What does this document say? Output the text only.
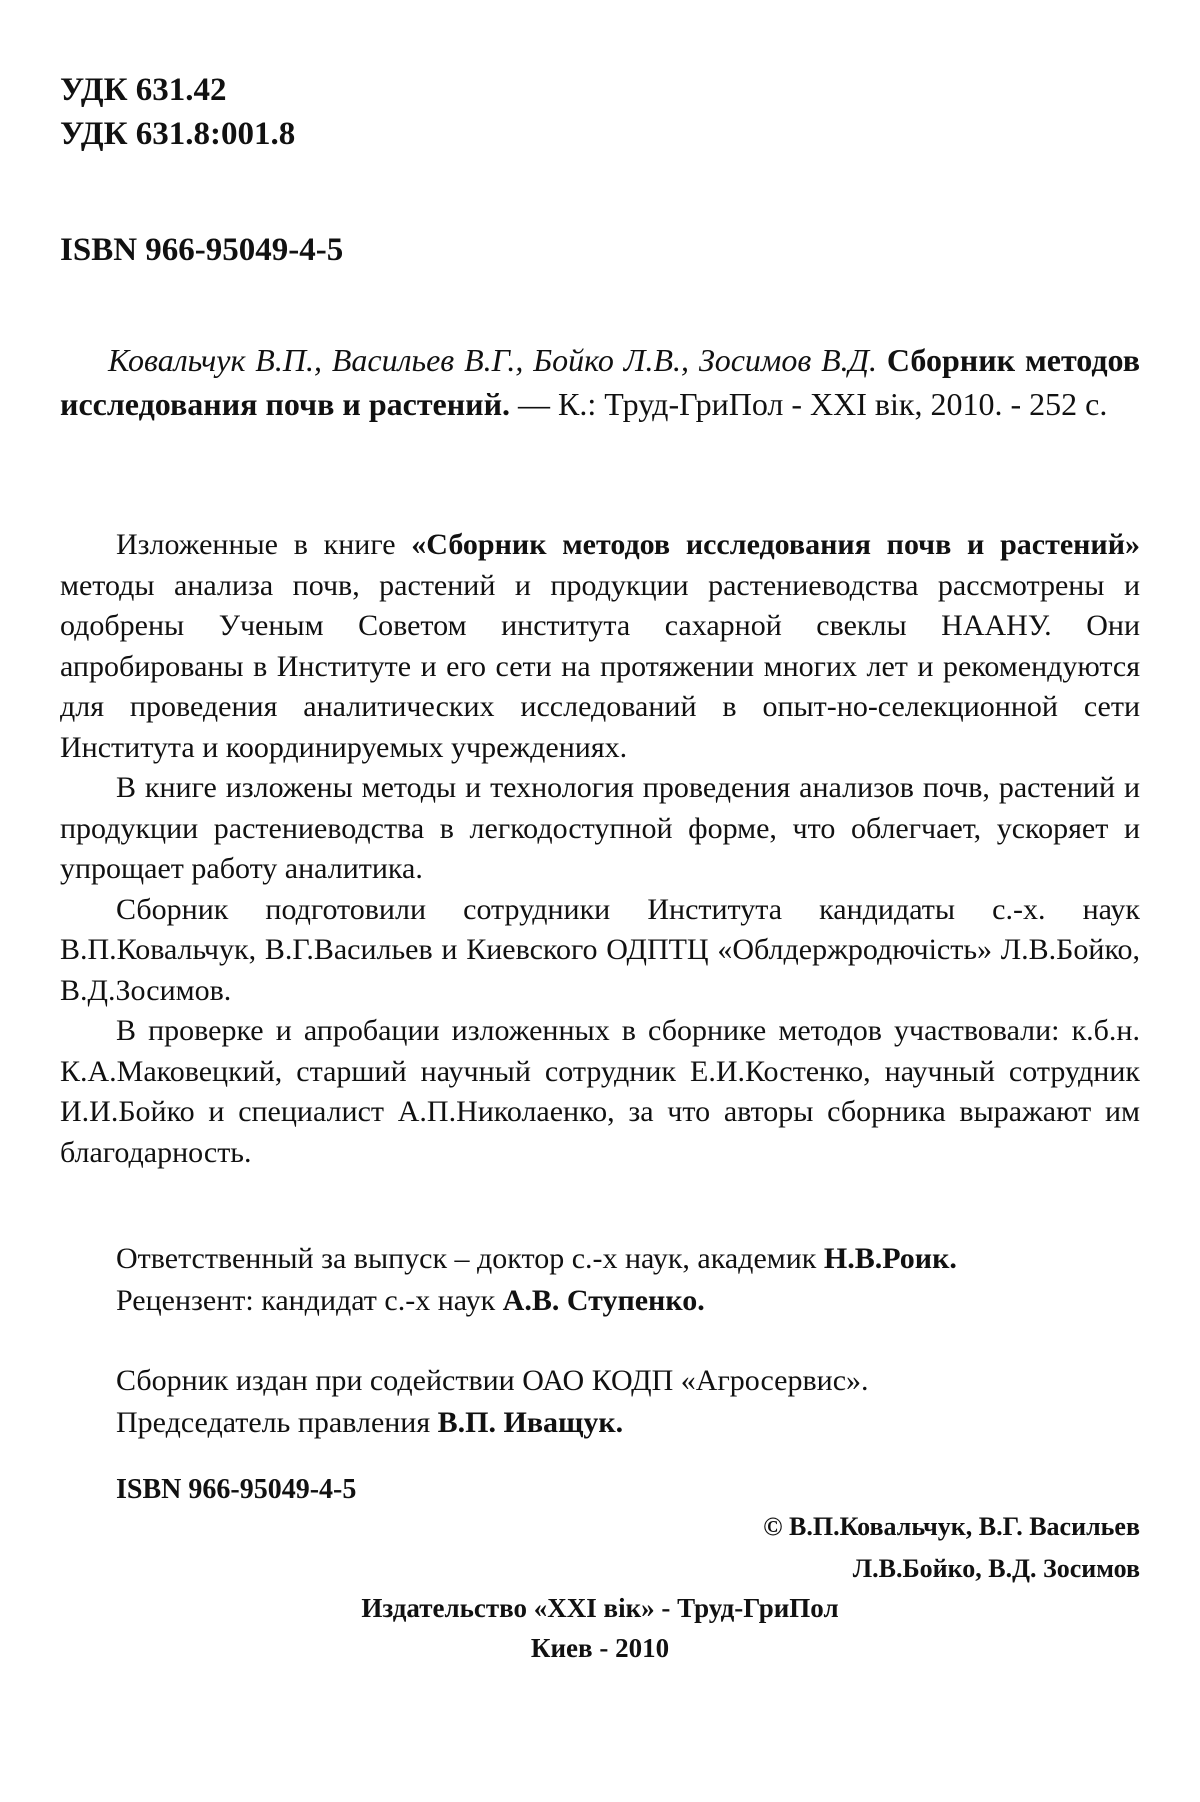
УДК 631.42
УДК 631.8:001.8
ISBN 966-95049-4-5
Ковальчук В.П., Васильев В.Г., Бойко Л.В., Зосимов В.Д. Сборник методов исследования почв и растений. — К.: Труд-ГриПол - XXI вік, 2010. - 252 с.

Изложенные в книге «Сборник методов исследования почв и растений» методы анализа почв, растений и продукции растениеводства рассмотрены и одобрены Ученым Советом института сахарной свеклы НААНУ. Они апробированы в Институте и его сети на протяжении многих лет и рекомендуются для проведения аналитических исследований в опыт-но-селекционной сети Института и координируемых учреждениях.

В книге изложены методы и технология проведения анализов почв, растений и продукции растениеводства в легкодоступной форме, что облегчает, ускоряет и упрощает работу аналитика.

Сборник подготовили сотрудники Института кандидаты с.-х. наук В.П.Ковальчук, В.Г.Васильев и Киевского ОДПТЦ «Облдержродючість» Л.В.Бойко, В.Д.Зосимов.

В проверке и апробации изложенных в сборнике методов участвовали: к.б.н. К.А.Маковецкий, старший научный сотрудник Е.И.Костенко, научный сотрудник И.И.Бойко и специалист А.П.Николаенко, за что авторы сборника выражают им благодарность.

Ответственный за выпуск – доктор с.-х наук, академик Н.В.Роик.
Рецензент: кандидат с.-х наук А.В. Ступенко.
Сборник издан при содействии ОАО КОДП «Агросервис».
Председатель правления В.П. Иващук.
ISBN 966-95049-4-5
© В.П.Ковальчук, В.Г. Васильев
Л.В.Бойко, В.Д. Зосимов
Издательство «XXI вік» - Труд-ГриПол
Киев - 2010
